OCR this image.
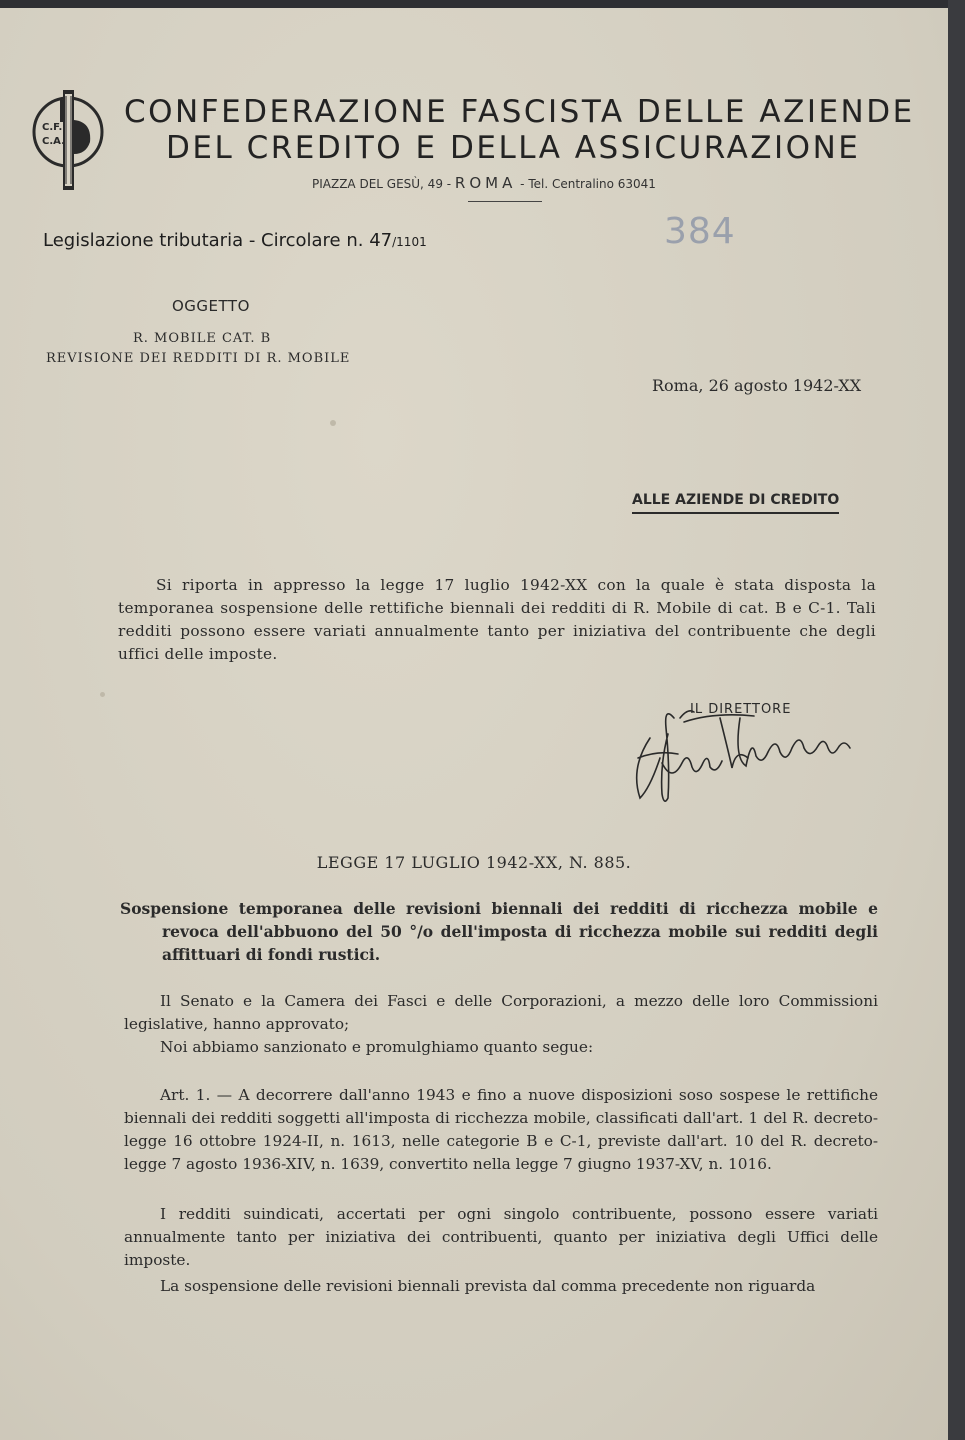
C.F.
C.A.
CONFEDERAZIONE FASCISTA DELLE AZIENDE
DEL CREDITO E DELLA ASSICURAZIONE
PIAZZA DEL GESÙ, 49 - ROMA - Tel. Centralino 63041
Legislazione tributaria - Circolare n. 47/1101	384
OGGETTO
R. MOBILE CAT. B
REVISIONE DEI REDDITI DI R. MOBILE
Roma, 26 agosto 1942-XX
ALLE AZIENDE DI CREDITO

Si riporta in appresso la legge 17 luglio 1942-XX con la quale è stata disposta la temporanea sospensione delle rettifiche biennali dei redditi di R. Mobile di cat. B e C-1. Tali redditi possono essere variati annualmente tanto per iniziativa del contribuente che degli uffici delle imposte.

IL DIRETTORE
LEGGE 17 LUGLIO 1942-XX, N. 885.

Sospensione temporanea delle revisioni biennali dei redditi di ricchezza mobile e revoca dell'abbuono del 50 °/o dell'imposta di ricchezza mobile sui redditi degli affittuari di fondi rustici.

Il Senato e la Camera dei Fasci e delle Corporazioni, a mezzo delle loro Commissioni legislative, hanno approvato;

Noi abbiamo sanzionato e promulghiamo quanto segue:

Art. 1. — A decorrere dall'anno 1943 e fino a nuove disposizioni soso sospese le rettifiche biennali dei redditi soggetti all'imposta di ricchezza mobile, classificati dall'art. 1 del R. decreto-legge 16 ottobre 1924-II, n. 1613, nelle categorie B e C-1, previste dall'art. 10 del R. decreto-legge 7 agosto 1936-XIV, n. 1639, convertito nella legge 7 giugno 1937-XV, n. 1016.

I redditi suindicati, accertati per ogni singolo contribuente, possono essere variati annualmente tanto per iniziativa dei contribuenti, quanto per iniziativa degli Uffici delle imposte.

La sospensione delle revisioni biennali prevista dal comma precedente non riguarda
